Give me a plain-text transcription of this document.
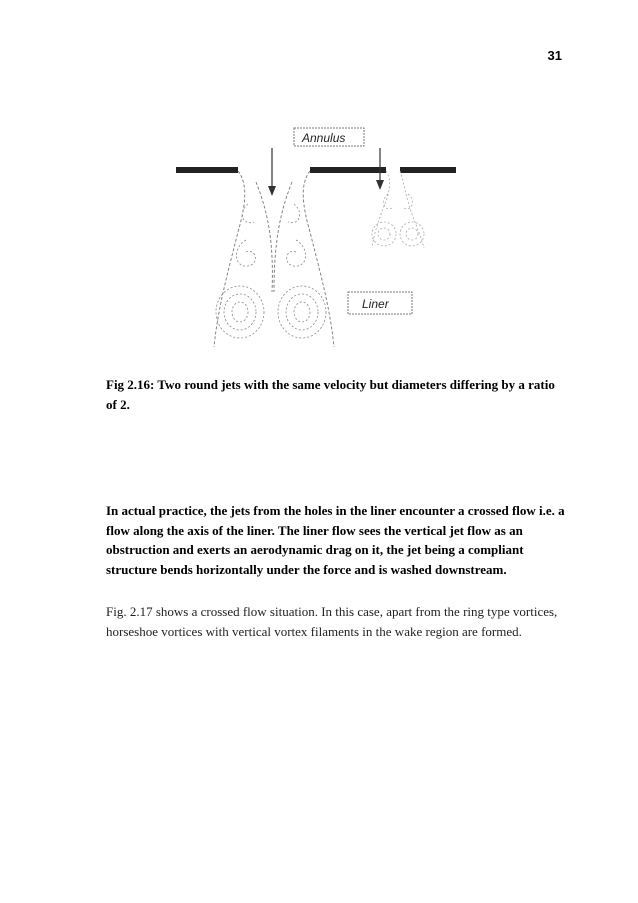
31
Annulus
Liner
Fig 2.16: Two round jets with the same velocity but diameters differing by a ratio of 2.
In actual practice, the jets from the holes in the liner encounter a crossed flow i.e. a flow along the axis of the liner. The liner flow sees the vertical jet flow as an obstruction and exerts an aerodynamic drag on it, the jet being a compliant structure bends horizontally under the force and is washed downstream.
Fig. 2.17 shows a crossed flow situation. In this case, apart from the ring type vortices, horseshoe vortices with vertical vortex filaments in the wake region are formed.
